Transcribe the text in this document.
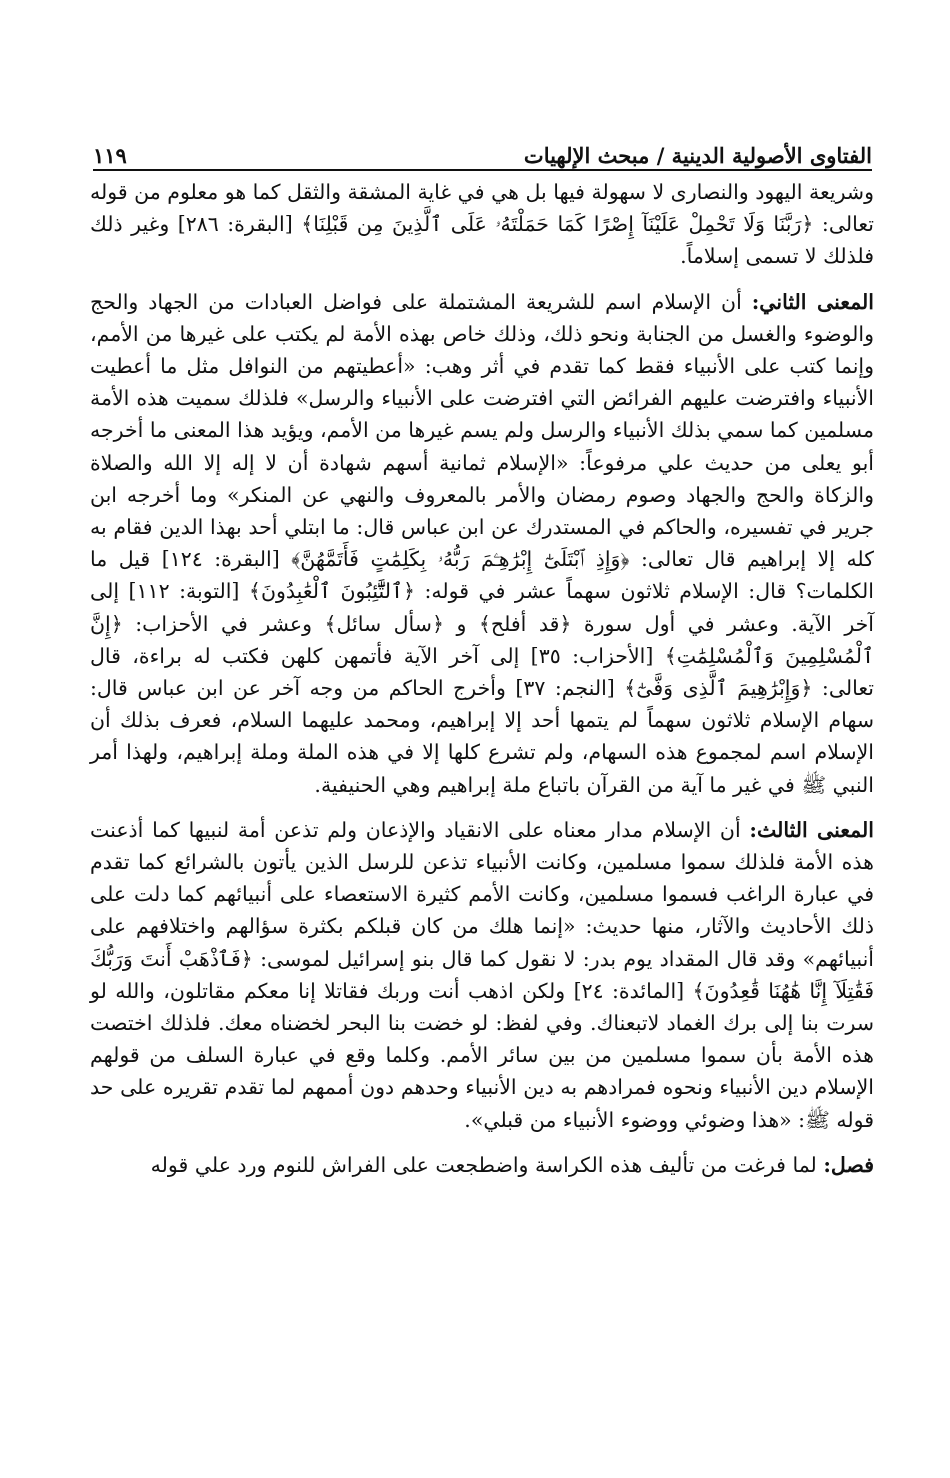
الفتاوى الأصولية الدينية / مبحث الإلهيات
١١٩

وشريعة اليهود والنصارى لا سهولة فيها بل هي في غاية المشقة والثقل كما هو معلوم من قوله تعالى: ﴿رَبَّنَا وَلَا تَحْمِلْ عَلَيْنَآ إِصْرًا كَمَا حَمَلْتَهُۥ عَلَى ٱلَّذِينَ مِن قَبْلِنَا﴾ [البقرة: ٢٨٦] وغير ذلك فلذلك لا تسمى إسلاماً.

المعنى الثاني: أن الإسلام اسم للشريعة المشتملة على فواضل العبادات من الجهاد والحج والوضوء والغسل من الجنابة ونحو ذلك، وذلك خاص بهذه الأمة لم يكتب على غيرها من الأمم، وإنما كتب على الأنبياء فقط كما تقدم في أثر وهب: «أعطيتهم من النوافل مثل ما أعطيت الأنبياء وافترضت عليهم الفرائض التي افترضت على الأنبياء والرسل» فلذلك سميت هذه الأمة مسلمين كما سمي بذلك الأنبياء والرسل ولم يسم غيرها من الأمم، ويؤيد هذا المعنى ما أخرجه أبو يعلى من حديث علي مرفوعاً: «الإسلام ثمانية أسهم شهادة أن لا إله إلا الله والصلاة والزكاة والحج والجهاد وصوم رمضان والأمر بالمعروف والنهي عن المنكر» وما أخرجه ابن جرير في تفسيره، والحاكم في المستدرك عن ابن عباس قال: ما ابتلي أحد بهذا الدين فقام به كله إلا إبراهيم قال تعالى: ﴿وَإِذِ ٱبْتَلَىٰٓ إِبْرَٰهِـۧمَ رَبُّهُۥ بِكَلِمَٰتٍ فَأَتَمَّهُنَّ﴾ [البقرة: ١٢٤] قيل ما الكلمات؟ قال: الإسلام ثلاثون سهماً عشر في قوله: ﴿ٱلتَّٰٓئِبُونَ ٱلْعَٰبِدُونَ﴾ [التوبة: ١١٢] إلى آخر الآية. وعشر في أول سورة ﴿قد أفلح﴾ و ﴿سأل سائل﴾ وعشر في الأحزاب: ﴿إِنَّ ٱلْمُسْلِمِينَ وَٱلْمُسْلِمَٰتِ﴾ [الأحزاب: ٣٥] إلى آخر الآية فأتمهن كلهن فكتب له براءة، قال تعالى: ﴿وَإِبْرَٰهِيمَ ٱلَّذِى وَفَّىٰٓ﴾ [النجم: ٣٧] وأخرج الحاكم من وجه آخر عن ابن عباس قال: سهام الإسلام ثلاثون سهماً لم يتمها أحد إلا إبراهيم، ومحمد عليهما السلام، فعرف بذلك أن الإسلام اسم لمجموع هذه السهام، ولم تشرع كلها إلا في هذه الملة وملة إبراهيم، ولهذا أمر النبي ﷺ في غير ما آية من القرآن باتباع ملة إبراهيم وهي الحنيفية.

المعنى الثالث: أن الإسلام مدار معناه على الانقياد والإذعان ولم تذعن أمة لنبيها كما أذعنت هذه الأمة فلذلك سموا مسلمين، وكانت الأنبياء تذعن للرسل الذين يأتون بالشرائع كما تقدم في عبارة الراغب فسموا مسلمين، وكانت الأمم كثيرة الاستعصاء على أنبيائهم كما دلت على ذلك الأحاديث والآثار، منها حديث: «إنما هلك من كان قبلكم بكثرة سؤالهم واختلافهم على أنبيائهم» وقد قال المقداد يوم بدر: لا نقول كما قال بنو إسرائيل لموسى: ﴿فَٱذْهَبْ أَنتَ وَرَبُّكَ فَقَٰتِلَآ إِنَّا هَٰهُنَا قَٰعِدُونَ﴾ [المائدة: ٢٤] ولكن اذهب أنت وربك فقاتلا إنا معكم مقاتلون، والله لو سرت بنا إلى برك الغماد لاتبعناك. وفي لفظ: لو خضت بنا البحر لخضناه معك. فلذلك اختصت هذه الأمة بأن سموا مسلمين من بين سائر الأمم. وكلما وقع في عبارة السلف من قولهم الإسلام دين الأنبياء ونحوه فمرادهم به دين الأنبياء وحدهم دون أممهم لما تقدم تقريره على حد قوله ﷺ: «هذا وضوئي ووضوء الأنبياء من قبلي».

فصل: لما فرغت من تأليف هذه الكراسة واضطجعت على الفراش للنوم ورد علي قوله
